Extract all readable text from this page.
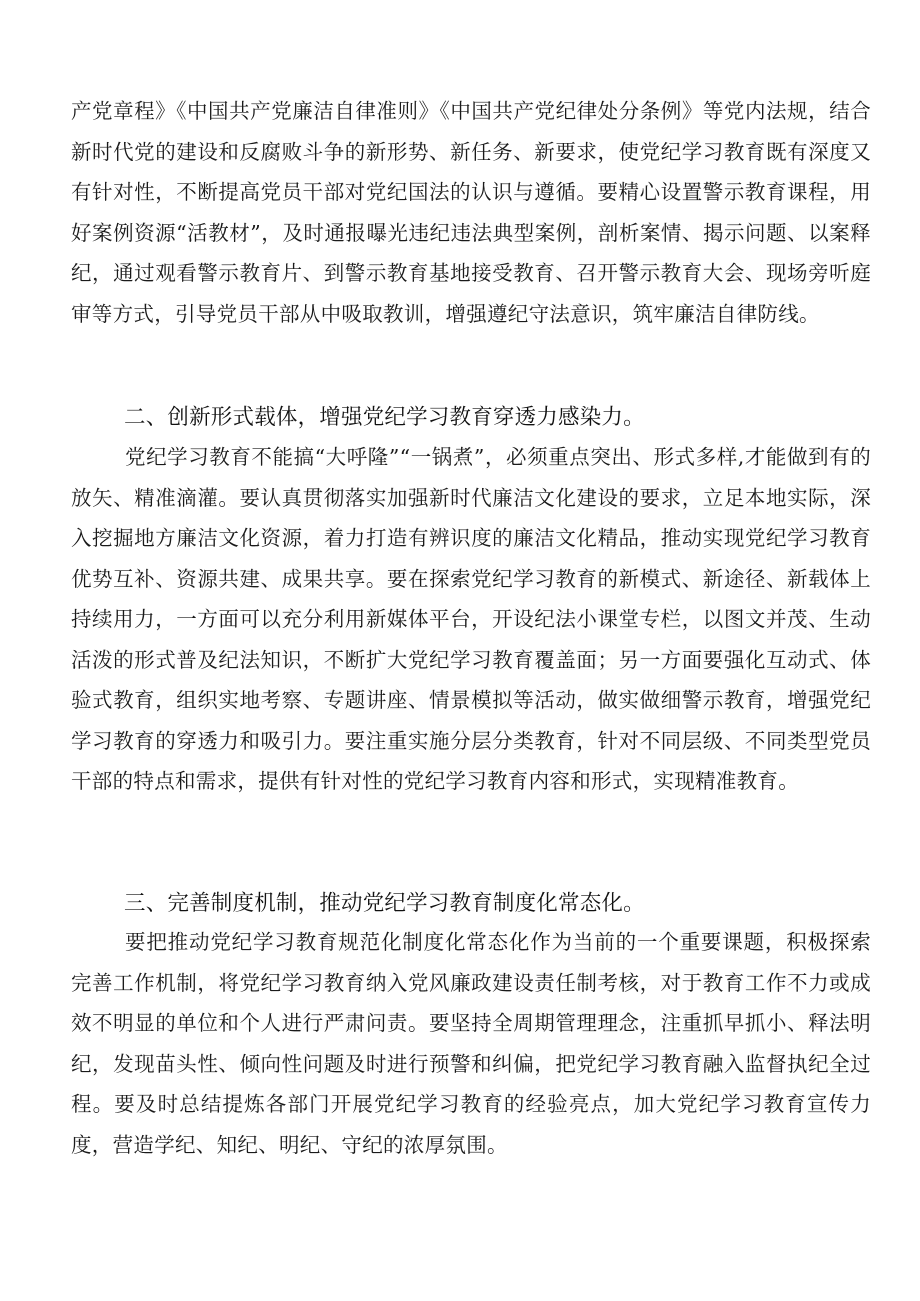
产党章程》《中国共产党廉洁自律准则》《中国共产党纪律处分条例》等党内法规，结合新时代党的建设和反腐败斗争的新形势、新任务、新要求，使党纪学习教育既有深度又有针对性，不断提高党员干部对党纪国法的认识与遵循。要精心设置警示教育课程，用好案例资源“活教材”，及时通报曝光违纪违法典型案例，剖析案情、揭示问题、以案释纪，通过观看警示教育片、到警示教育基地接受教育、召开警示教育大会、现场旁听庭审等方式，引导党员干部从中吸取教训，增强遵纪守法意识，筑牢廉洁自律防线。

二、创新形式载体，增强党纪学习教育穿透力感染力。

党纪学习教育不能搞“大呼隆”“一锅煮”，必须重点突出、形式多样,才能做到有的放矢、精准滴灌。要认真贯彻落实加强新时代廉洁文化建设的要求，立足本地实际，深入挖掘地方廉洁文化资源，着力打造有辨识度的廉洁文化精品，推动实现党纪学习教育优势互补、资源共建、成果共享。要在探索党纪学习教育的新模式、新途径、新载体上持续用力，一方面可以充分利用新媒体平台，开设纪法小课堂专栏，以图文并茂、生动活泼的形式普及纪法知识，不断扩大党纪学习教育覆盖面；另一方面要强化互动式、体验式教育，组织实地考察、专题讲座、情景模拟等活动，做实做细警示教育，增强党纪学习教育的穿透力和吸引力。要注重实施分层分类教育，针对不同层级、不同类型党员干部的特点和需求，提供有针对性的党纪学习教育内容和形式，实现精准教育。

三、完善制度机制，推动党纪学习教育制度化常态化。

要把推动党纪学习教育规范化制度化常态化作为当前的一个重要课题，积极探索完善工作机制，将党纪学习教育纳入党风廉政建设责任制考核，对于教育工作不力或成效不明显的单位和个人进行严肃问责。要坚持全周期管理理念，注重抓早抓小、释法明纪，发现苗头性、倾向性问题及时进行预警和纠偏，把党纪学习教育融入监督执纪全过程。要及时总结提炼各部门开展党纪学习教育的经验亮点，加大党纪学习教育宣传力度，营造学纪、知纪、明纪、守纪的浓厚氛围。
